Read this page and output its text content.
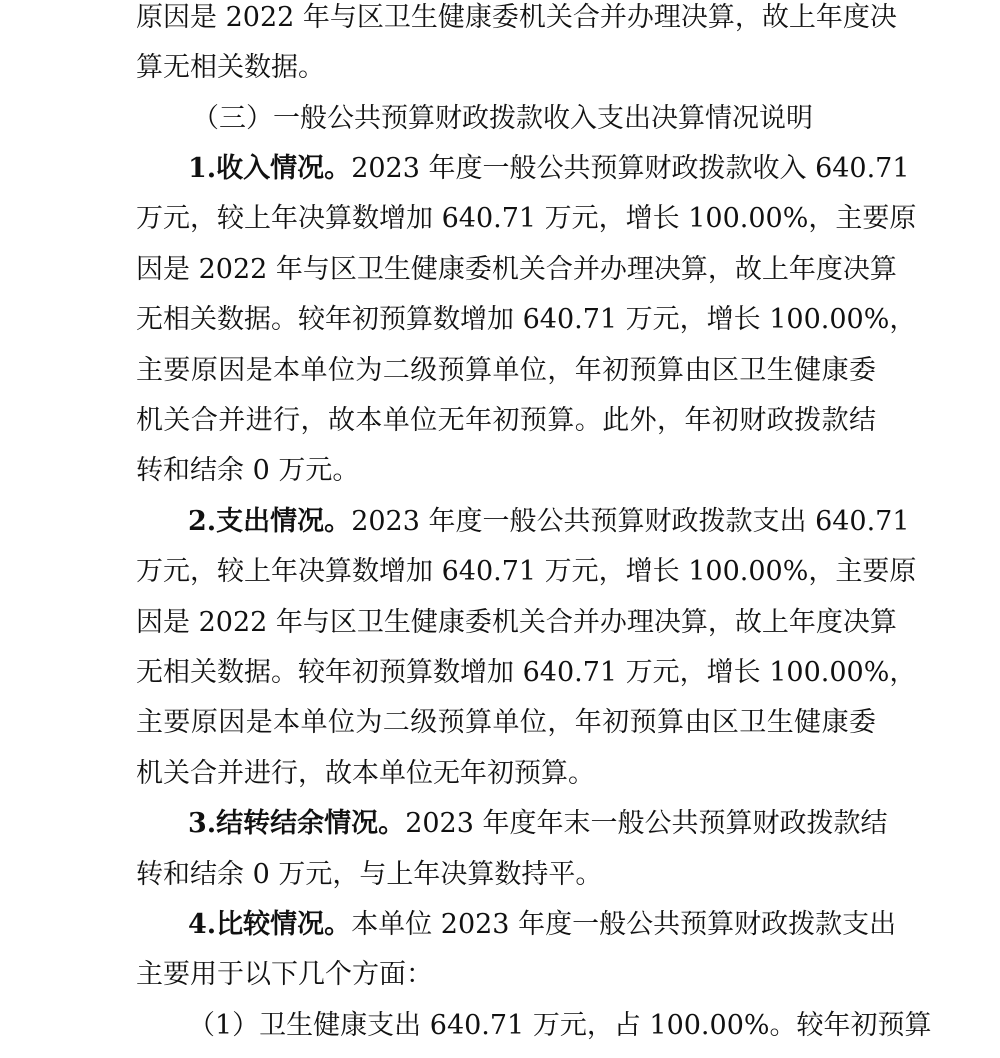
原因是 2022 年与区卫生健康委机关合并办理决算，故上年度决
算无相关数据。
（三）一般公共预算财政拨款收入支出决算情况说明
1.收入情况。2023 年度一般公共预算财政拨款收入 640.71
万元，较上年决算数增加 640.71 万元，增长 100.00%，主要原
因是 2022 年与区卫生健康委机关合并办理决算，故上年度决算
无相关数据。较年初预算数增加 640.71 万元，增长 100.00%，
主要原因是本单位为二级预算单位，年初预算由区卫生健康委
机关合并进行，故本单位无年初预算。此外，年初财政拨款结
转和结余 0 万元。
2.支出情况。2023 年度一般公共预算财政拨款支出 640.71
万元，较上年决算数增加 640.71 万元，增长 100.00%，主要原
因是 2022 年与区卫生健康委机关合并办理决算，故上年度决算
无相关数据。较年初预算数增加 640.71 万元，增长 100.00%，
主要原因是本单位为二级预算单位，年初预算由区卫生健康委
机关合并进行，故本单位无年初预算。
3.结转结余情况。2023 年度年末一般公共预算财政拨款结
转和结余 0 万元，与上年决算数持平。
4.比较情况。本单位 2023 年度一般公共预算财政拨款支出
主要用于以下几个方面：
（1）卫生健康支出 640.71 万元，占 100.00%。较年初预算
